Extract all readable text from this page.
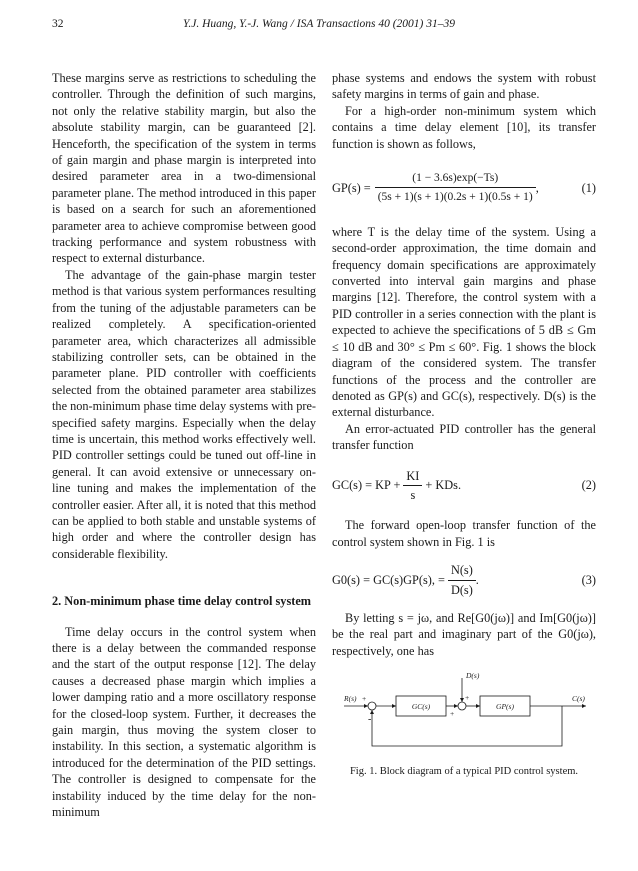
32	Y.J. Huang, Y.-J. Wang / ISA Transactions 40 (2001) 31–39

These margins serve as restrictions to scheduling the controller. Through the definition of such margins, not only the relative stability margin, but also the absolute stability margin, can be guaranteed [2]. Henceforth, the specification of the system in terms of gain margin and phase margin is interpreted into desired parameter area in a two-dimensional parameter plane. The method introduced in this paper is based on a search for such an aforementioned parameter area to achieve compromise between good tracking performance and system robustness with respect to external disturbance.

The advantage of the gain-phase margin tester method is that various system performances resulting from the tuning of the adjustable parameters can be realized completely. A specification-oriented parameter area, which characterizes all admissible stabilizing controller sets, can be obtained in the parameter plane. PID controller with coefficients selected from the obtained parameter area stabilizes the non-minimum phase time delay systems with pre-specified safety margins. Especially when the delay time is uncertain, this method works effectively well. PID controller settings could be tuned out off-line in general. It can avoid extensive or unnecessary on-line tuning and makes the implementation of the controller easier. After all, it is noted that this method can be applied to both stable and unstable systems of high order and where the controller design has considerable flexibility.

2. Non-minimum phase time delay control system

Time delay occurs in the control system when there is a delay between the commanded response and the start of the output response [12]. The delay causes a decreased phase margin which implies a lower damping ratio and a more oscillatory response for the closed-loop system. Further, it decreases the gain margin, thus moving the system closer to instability. In this section, a systematic algorithm is introduced for the determination of the PID settings. The controller is designed to compensate for the instability induced by the time delay for the non-minimum

phase systems and endows the system with robust safety margins in terms of gain and phase.

For a high-order non-minimum system which contains a time delay element [10], its transfer function is shown as follows,

$GP(s) = \frac{(1 - 3.6s)\exp(-Ts)}{(5s + 1)(s + 1)(0.2s + 1)(0.5s + 1)}$ ,	(1)

where T is the delay time of the system. Using a second-order approximation, the time domain and frequency domain specifications are approximately converted into interval gain margins and phase margins [12]. Therefore, the control system with a PID controller in a series connection with the plant is expected to achieve the specifications of 5 dB ≤ Gm ≤ 10 dB and 30° ≤ Pm ≤ 60°. Fig. 1 shows the block diagram of the considered system. The transfer functions of the process and the controller are denoted as GP(s) and GC(s), respectively. D(s) is the external disturbance.

An error-actuated PID controller has the general transfer function

GC(s) = KP + $\frac{KI}{s}$ + KDs.	(2)

The forward open-loop transfer function of the control system shown in Fig. 1 is

G0(s) = GC(s)GP(s), = $\frac{N(s)}{D(s)}$ .	(3)

By letting s = jω, and Re[G0(jω)] and Im[G0(jω)] be the real part and imaginary part of the G0(jω), respectively, one has

R(s) +
-
GC(s)	GP(s)
D(s)
+
+
C(s)
Fig. 1. Block diagram of a typical PID control system.
